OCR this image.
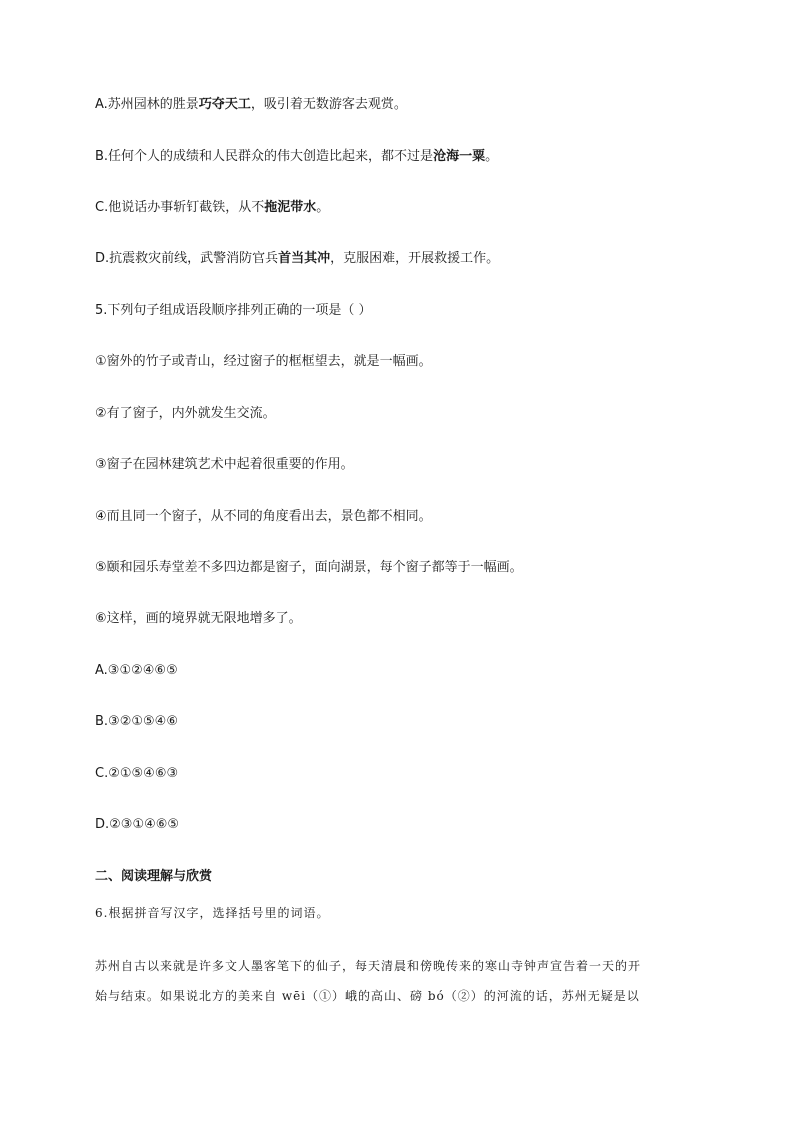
A.苏州园林的胜景巧夺天工，吸引着无数游客去观赏。
B.任何个人的成绩和人民群众的伟大创造比起来，都不过是沧海一粟。
C.他说话办事斩钉截铁，从不拖泥带水。
D.抗震救灾前线，武警消防官兵首当其冲，克服困难，开展救援工作。
5.下列句子组成语段顺序排列正确的一项是（ ）
①窗外的竹子或青山，经过窗子的框框望去，就是一幅画。
②有了窗子，内外就发生交流。
③窗子在园林建筑艺术中起着很重要的作用。
④而且同一个窗子，从不同的角度看出去，景色都不相同。
⑤颐和园乐寿堂差不多四边都是窗子，面向湖景，每个窗子都等于一幅画。
⑥这样，画的境界就无限地增多了。
A.③①②④⑥⑤
B.③②①⑤④⑥
C.②①⑤④⑥③
D.②③①④⑥⑤
二、阅读理解与欣赏
6.根据拼音写汉字，选择括号里的词语。
苏州自古以来就是许多文人墨客笔下的仙子，每天清晨和傍晚传来的寒山寺钟声宣告着一天的开
始与结束。如果说北方的美来自 wēi（①）峨的高山、磅 bó（②）的河流的话，苏州无疑是以
